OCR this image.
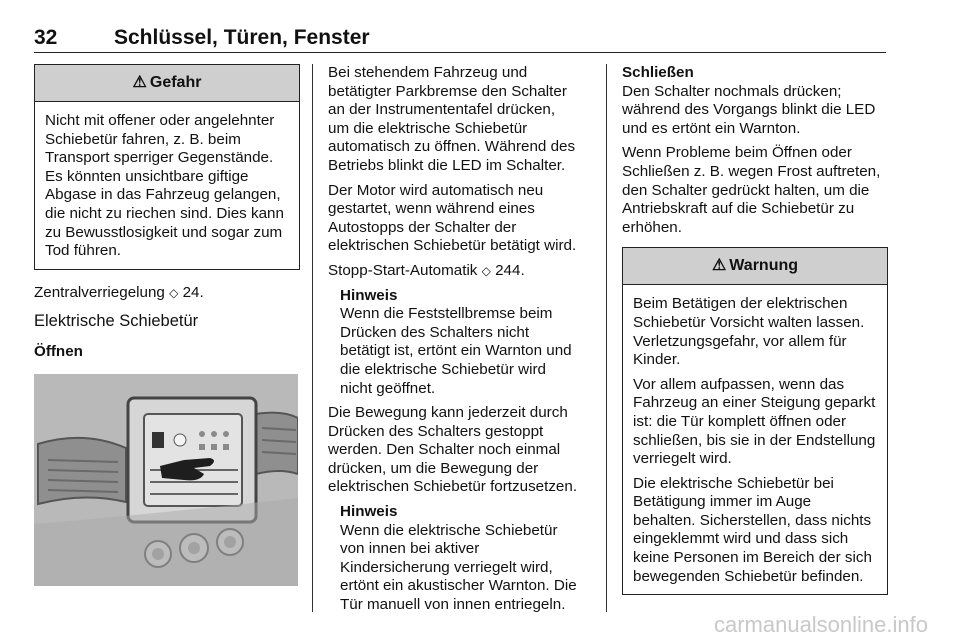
32	Schlüssel, Türen, Fenster
⚠ Gefahr

Nicht mit offener oder angelehnter Schiebetür fahren, z. B. beim Transport sperriger Gegenstände. Es könnten unsichtbare giftige Abgase in das Fahrzeug gelangen, die nicht zu riechen sind. Dies kann zu Bewusstlosigkeit und sogar zum Tod führen.

Zentralverriegelung ◇ 24.

Elektrische Schiebetür
Öffnen

Bei stehendem Fahrzeug und betätigter Parkbremse den Schalter an der Instrumententafel drücken, um die elektrische Schiebetür automatisch zu öffnen. Während des Betriebs blinkt die LED im Schalter.

Der Motor wird automatisch neu gestartet, wenn während eines Autostopps der Schalter der elektrischen Schiebetür betätigt wird.

Stopp-Start-Automatik ◇ 244.

Hinweis
Wenn die Feststellbremse beim Drücken des Schalters nicht betätigt ist, ertönt ein Warnton und die elektrische Schiebetür wird nicht geöffnet.

Die Bewegung kann jederzeit durch Drücken des Schalters gestoppt werden. Den Schalter noch einmal drücken, um die Bewegung der elektrischen Schiebetür fortzusetzen.

Hinweis
Wenn die elektrische Schiebetür von innen bei aktiver Kindersicherung verriegelt wird, ertönt ein akustischer Warnton. Die Tür manuell von innen entriegeln.
Schließen

Den Schalter nochmals drücken; während des Vorgangs blinkt die LED und es ertönt ein Warnton.

Wenn Probleme beim Öffnen oder Schließen z. B. wegen Frost auftreten, den Schalter gedrückt halten, um die Antriebskraft auf die Schiebetür zu erhöhen.

⚠ Warnung

Beim Betätigen der elektrischen Schiebetür Vorsicht walten lassen. Verletzungsgefahr, vor allem für Kinder.

Vor allem aufpassen, wenn das Fahrzeug an einer Steigung geparkt ist: die Tür komplett öffnen oder schließen, bis sie in der Endstellung verriegelt wird.

Die elektrische Schiebetür bei Betätigung immer im Auge behalten. Sicherstellen, dass nichts eingeklemmt wird und dass sich keine Personen im Bereich der sich bewegenden Schiebetür befinden.

carmanualsonline.info
